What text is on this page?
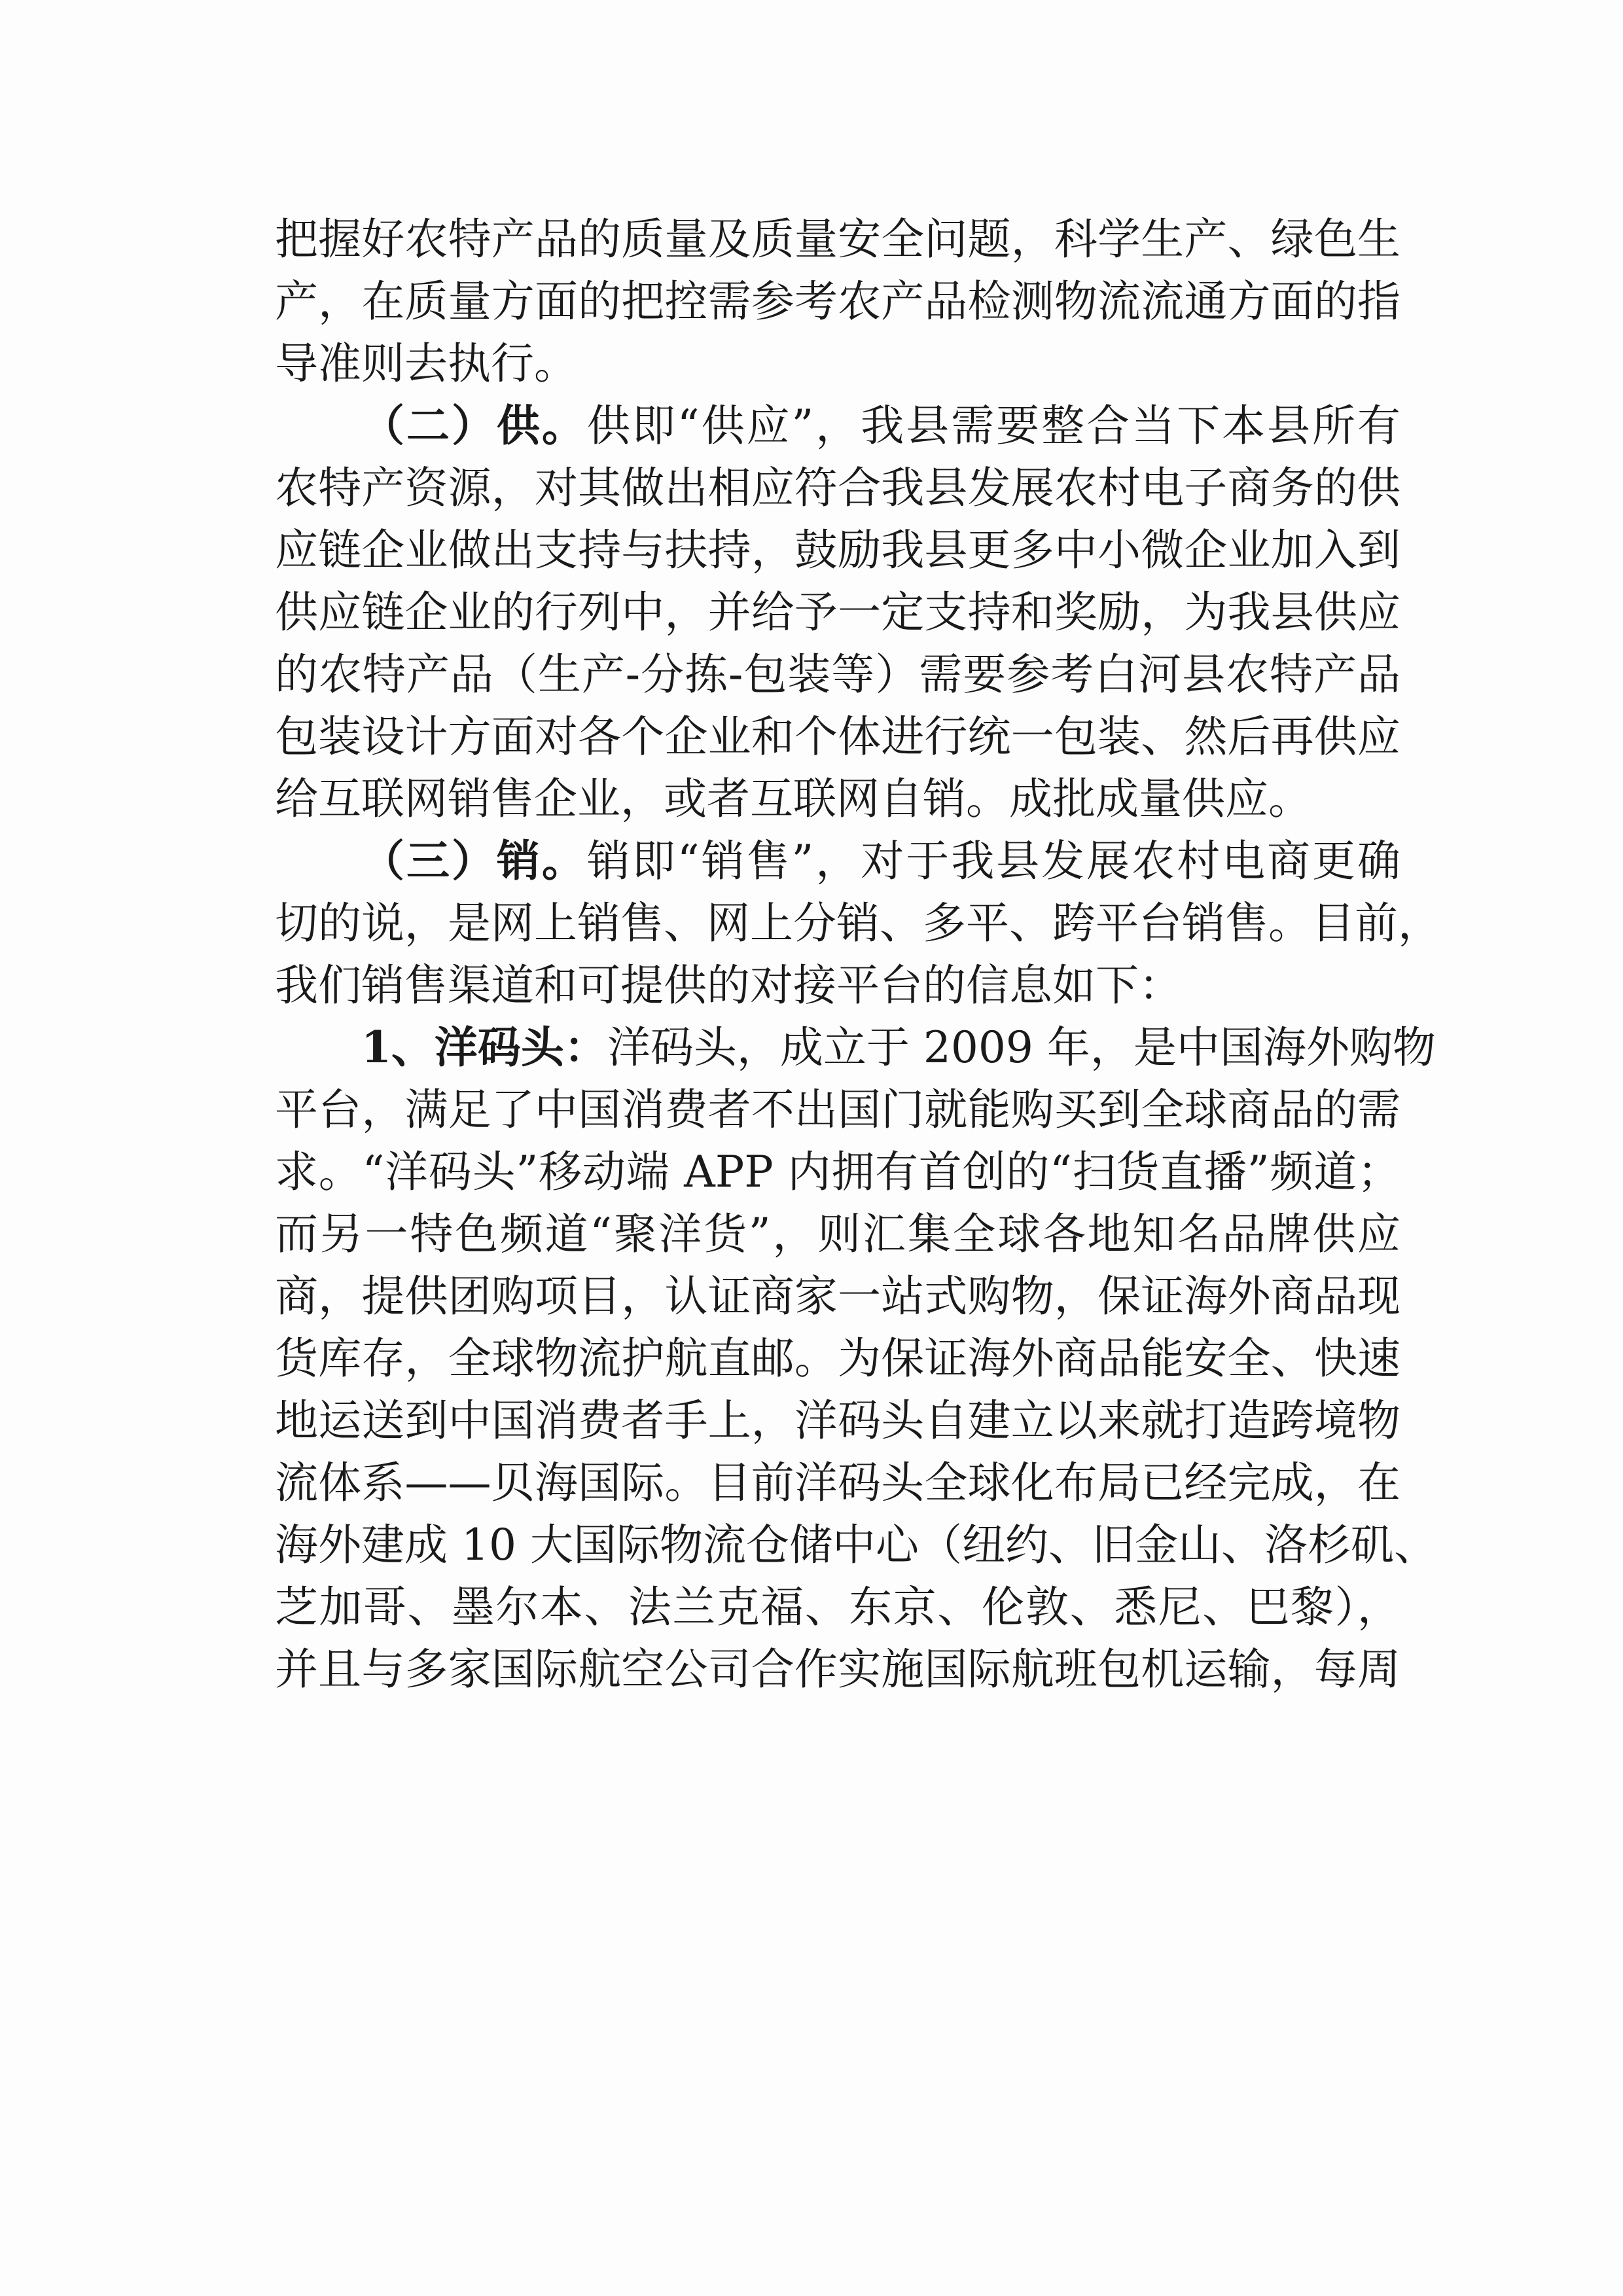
把握好农特产品的质量及质量安全问题，科学生产、绿色生
产，在质量方面的把控需参考农产品检测物流流通方面的指
导准则去执行。
（二）供。供即“供应”，我县需要整合当下本县所有
农特产资源，对其做出相应符合我县发展农村电子商务的供
应链企业做出支持与扶持，鼓励我县更多中小微企业加入到
供应链企业的行列中，并给予一定支持和奖励，为我县供应
的农特产品（生产-分拣-包装等）需要参考白河县农特产品
包装设计方面对各个企业和个体进行统一包装、然后再供应
给互联网销售企业，或者互联网自销。成批成量供应。
（三）销。销即“销售”，对于我县发展农村电商更确
切的说，是网上销售、网上分销、多平、跨平台销售。目前，
我们销售渠道和可提供的对接平台的信息如下：
1、洋码头：洋码头，成立于 2009 年，是中国海外购物
平台，满足了中国消费者不出国门就能购买到全球商品的需
求。“洋码头”移动端 APP 内拥有首创的“扫货直播”频道；
而另一特色频道“聚洋货”，则汇集全球各地知名品牌供应
商，提供团购项目，认证商家一站式购物，保证海外商品现
货库存，全球物流护航直邮。为保证海外商品能安全、快速
地运送到中国消费者手上，洋码头自建立以来就打造跨境物
流体系——贝海国际。目前洋码头全球化布局已经完成，在
海外建成 10 大国际物流仓储中心（纽约、旧金山、洛杉矶、
芝加哥、墨尔本、法兰克福、东京、伦敦、悉尼、巴黎），
并且与多家国际航空公司合作实施国际航班包机运输，每周
